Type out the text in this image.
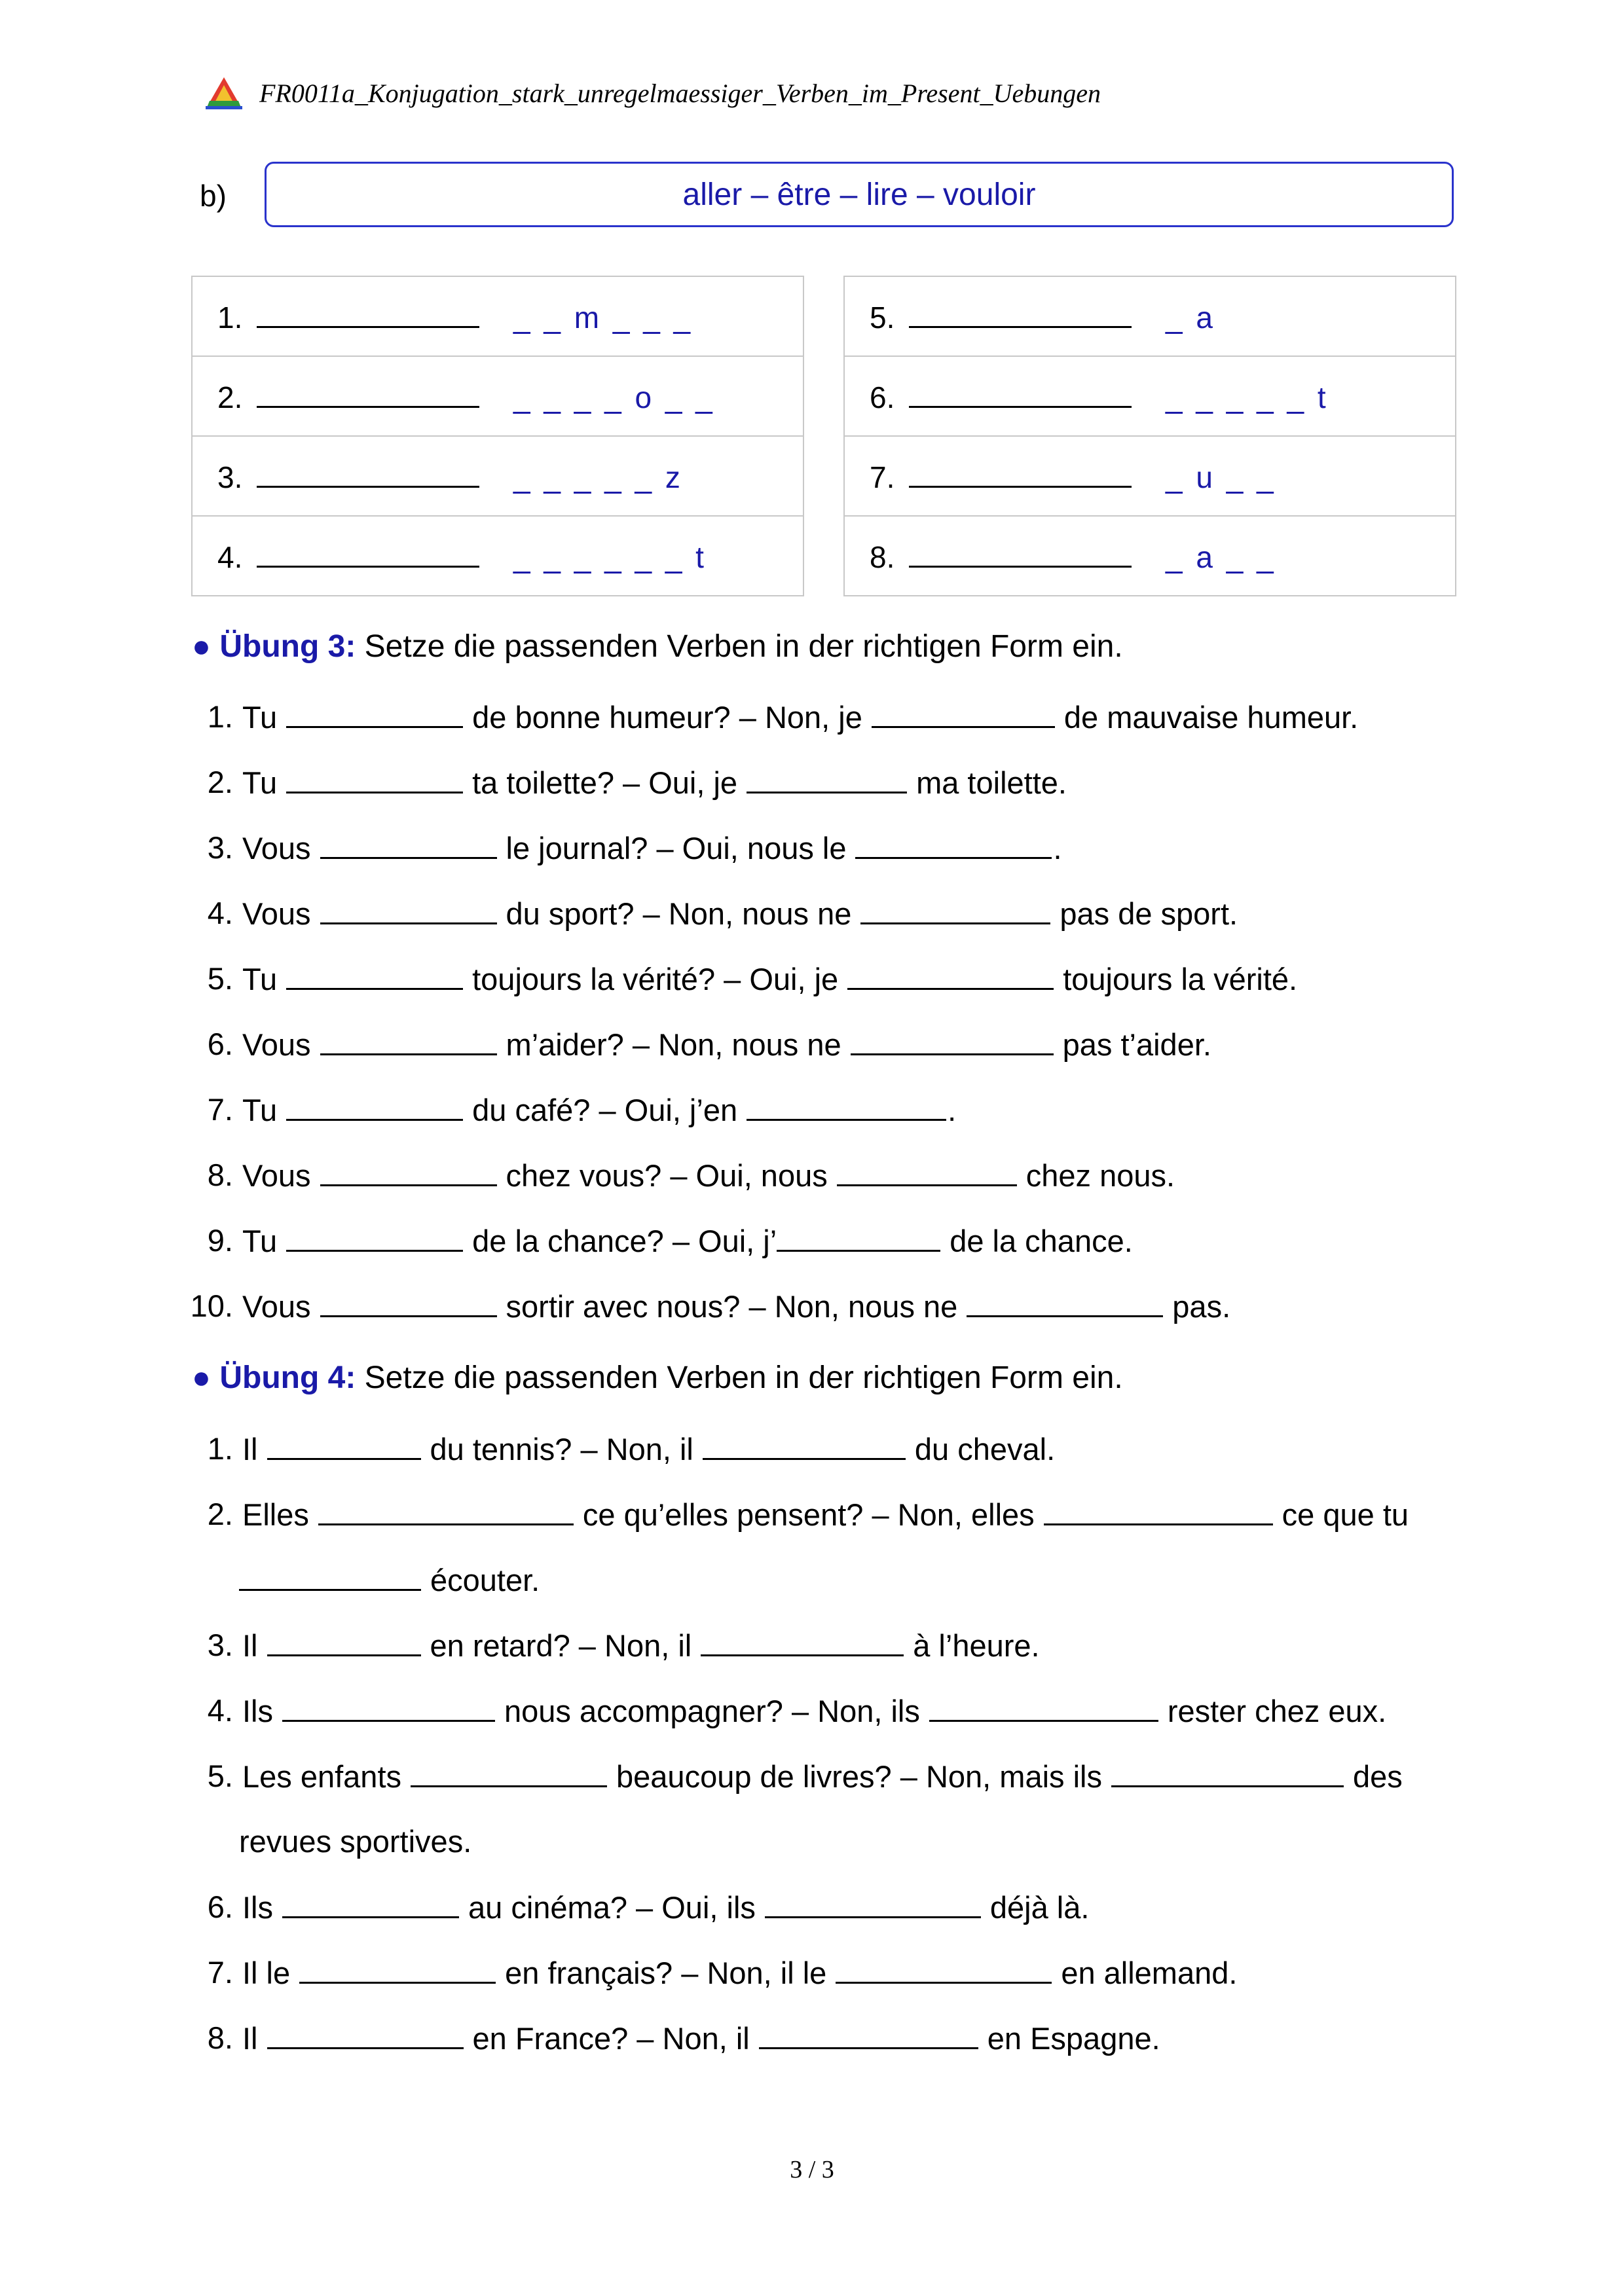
FR0011a_Konjugation_stark_unregelmaessiger_Verben_im_Present_Uebungen
b)	aller – être – lire – vouloir
1.	_ _ m _ _ _
2.	_ _ _ _ o _ _
3.	_ _ _ _ _ z
4.	_ _ _ _ _ _ t
5.	_ a
6.	_ _ _ _ _ t
7.	_ u _ _
8.	_ a _ _
● Übung 3: Setze die passenden Verben in der richtigen Form ein.
1. Tu	de bonne humeur? – Non, je	de mauvaise humeur.
2. Tu	ta toilette? – Oui, je	ma toilette.
3. Vous	le journal? – Oui, nous le	.
4. Vous	du sport? – Non, nous ne	pas de sport.
5. Tu	toujours la vérité? – Oui, je	toujours la vérité.
6. Vous	m’aider? – Non, nous ne	pas t’aider.
7. Tu	du café? – Oui, j’en	.
8. Vous	chez vous? – Oui, nous	chez nous.
9. Tu	de la chance? – Oui, j’	de la chance.
10. Vous	sortir avec nous? – Non, nous ne	pas.
● Übung 4: Setze die passenden Verben in der richtigen Form ein.
1. Il	du tennis? – Non, il	du cheval.
2. Elles	ce qu’elles pensent? – Non, elles	ce que tu
écouter.
3. Il	en retard? – Non, il	à l’heure.
4. Ils	nous accompagner? – Non, ils	rester chez eux.
5. Les enfants	beaucoup de livres? – Non, mais ils	des
revues sportives.
6. Ils	au cinéma? – Oui, ils	déjà là.
7. Il le	en français? – Non, il le	en allemand.
8. Il	en France? – Non, il	en Espagne.
3 / 3
